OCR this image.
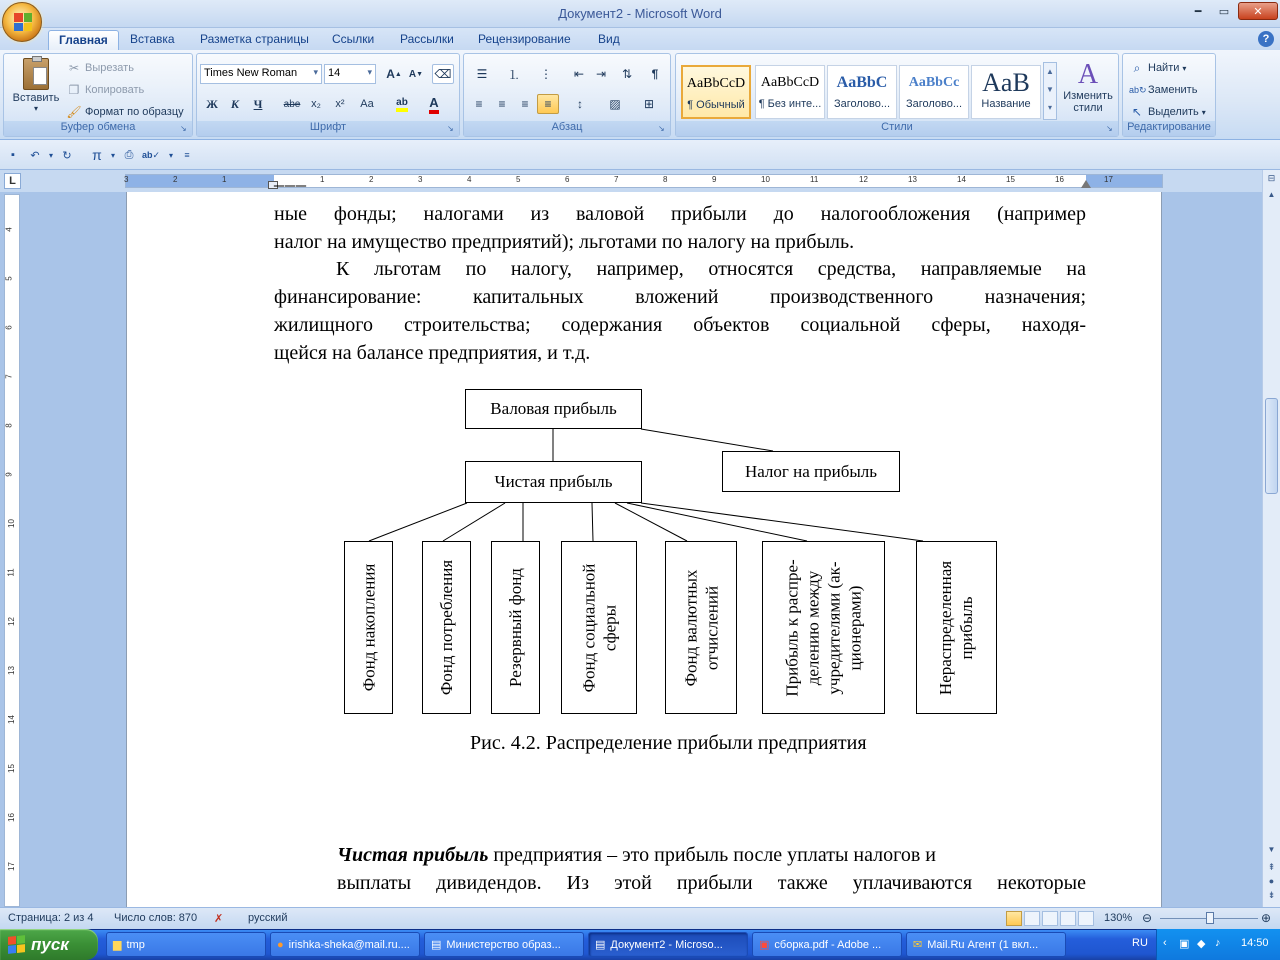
Документ2 - Microsoft Word	━	▭	✕
Главная	Вставка	Разметка страницы	Ссылки	Рассылки	Рецензирование	Вид	?
Вставить
▾
✂ Вырезать
❐ Копировать
🖌 Формат по образцу
Буфер обмена	↘
Times New Roman ▾	14 ▾	A ▲ A ▼ ⌫
Ж	К	Ч	abe x₂	x²	Aa	ab A
Шрифт	↘
☰	⒈	⋮	⇤ ⇥	⇅	¶
≡	≡	≡	≡	↕	▨	⊞
Абзац	↘
AaBbCcD
¶ Обычный
AaBbCcD
¶ Без инте...
AaBbC
Заголово...
AaBbCc
Заголово...
AaB
Название
▲
▼
▾
A
Изменить
стили
Стили	↘
⌕ Найти ▾
ab↻ Заменить
↖ Выделить ▾
Редактирование
▪	↶	▾ ↻	π	▾ ⎙ ab✓	▾	≡
L	3	2	1	1	2	3	4	5	6	7	8	9	10	11	12	13	14	15	16	17
4
5
6
7
8
9
10
11
12
13
14
15
16
17
⊟
▲
▼
⇞
●
⇟
___
ные фонды; налогами из валовой прибыли до налогообложения (например
налог на имущество предприятий); льготами по налогу на прибыль.
К льготам по налогу, например, относятся средства, направляемые на
финансирование: капитальных вложений производственного назначения;
жилищного строительства; содержания объектов социальной сферы, находя-
щейся на балансе предприятия, и т.д.
Валовая прибыль
Чистая прибыль
Налог на прибыль
Фонд накопления	Фонд потребления	Резервный фонд	Фонд социальной сферы	Фонд валютных отчислений	Прибыль к распре- делению между учредителями (ак- ционерами)	Нераспределенная прибыль
Рис. 4.2. Распределение прибыли предприятия
Чистая прибыль предприятия – это прибыль после уплаты налогов и
выплаты дивидендов. Из этой прибыли также уплачиваются некоторые
Страница: 2 из 4 Число слов: 870 ✗ русский	130% ⊖	⊕
пуск	▆ tmp	● irishka-sheka@mail.ru.... ▤ Министерство образ...	▤ Документ2 - Microso...	▣ сборка.pdf - Adobe ...	✉ Mail.Ru Агент (1 вкл...	RU ‹ ▣ ◆ ♪ 14:50
